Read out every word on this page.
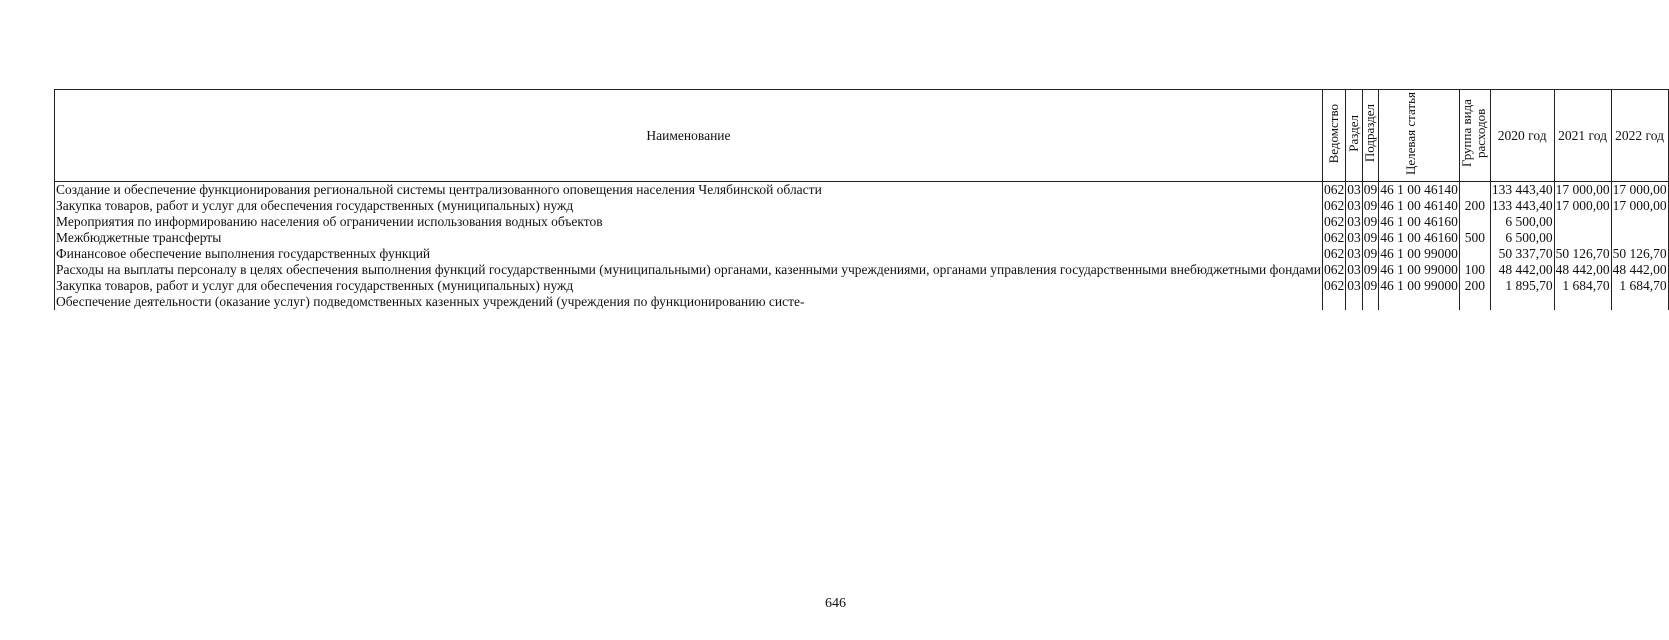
Наименование	Ведомство	Раздел	Подраздел	Целевая статья	Группа вида расходов	2020 год	2021 год	2022 год
Создание и обеспечение функционирования региональной системы централизованного оповещения населения Челябинской области	062	03	09	46 1 00 46140		133 443,40	17 000,00	17 000,00
Закупка товаров, работ и услуг для обеспечения государственных (муниципальных) нужд	062	03	09	46 1 00 46140	200	133 443,40	17 000,00	17 000,00
Мероприятия по информированию населения об ограничении использования водных объектов	062	03	09	46 1 00 46160		6 500,00		
Межбюджетные трансферты	062	03	09	46 1 00 46160	500	6 500,00		
Финансовое обеспечение выполнения государственных функций	062	03	09	46 1 00 99000		50 337,70	50 126,70	50 126,70
Расходы на выплаты персоналу в целях обеспечения выполнения функций государственными (муниципальными) органами, казенными учреждениями, органами управления государственными внебюджетными фондами	062	03	09	46 1 00 99000	100	48 442,00	48 442,00	48 442,00
Закупка товаров, работ и услуг для обеспечения государственных (муниципальных) нужд	062	03	09	46 1 00 99000	200	1 895,70	1 684,70	1 684,70
Обеспечение деятельности (оказание услуг) подведомственных казенных учреждений (учреждения по функционированию систе-								
646
